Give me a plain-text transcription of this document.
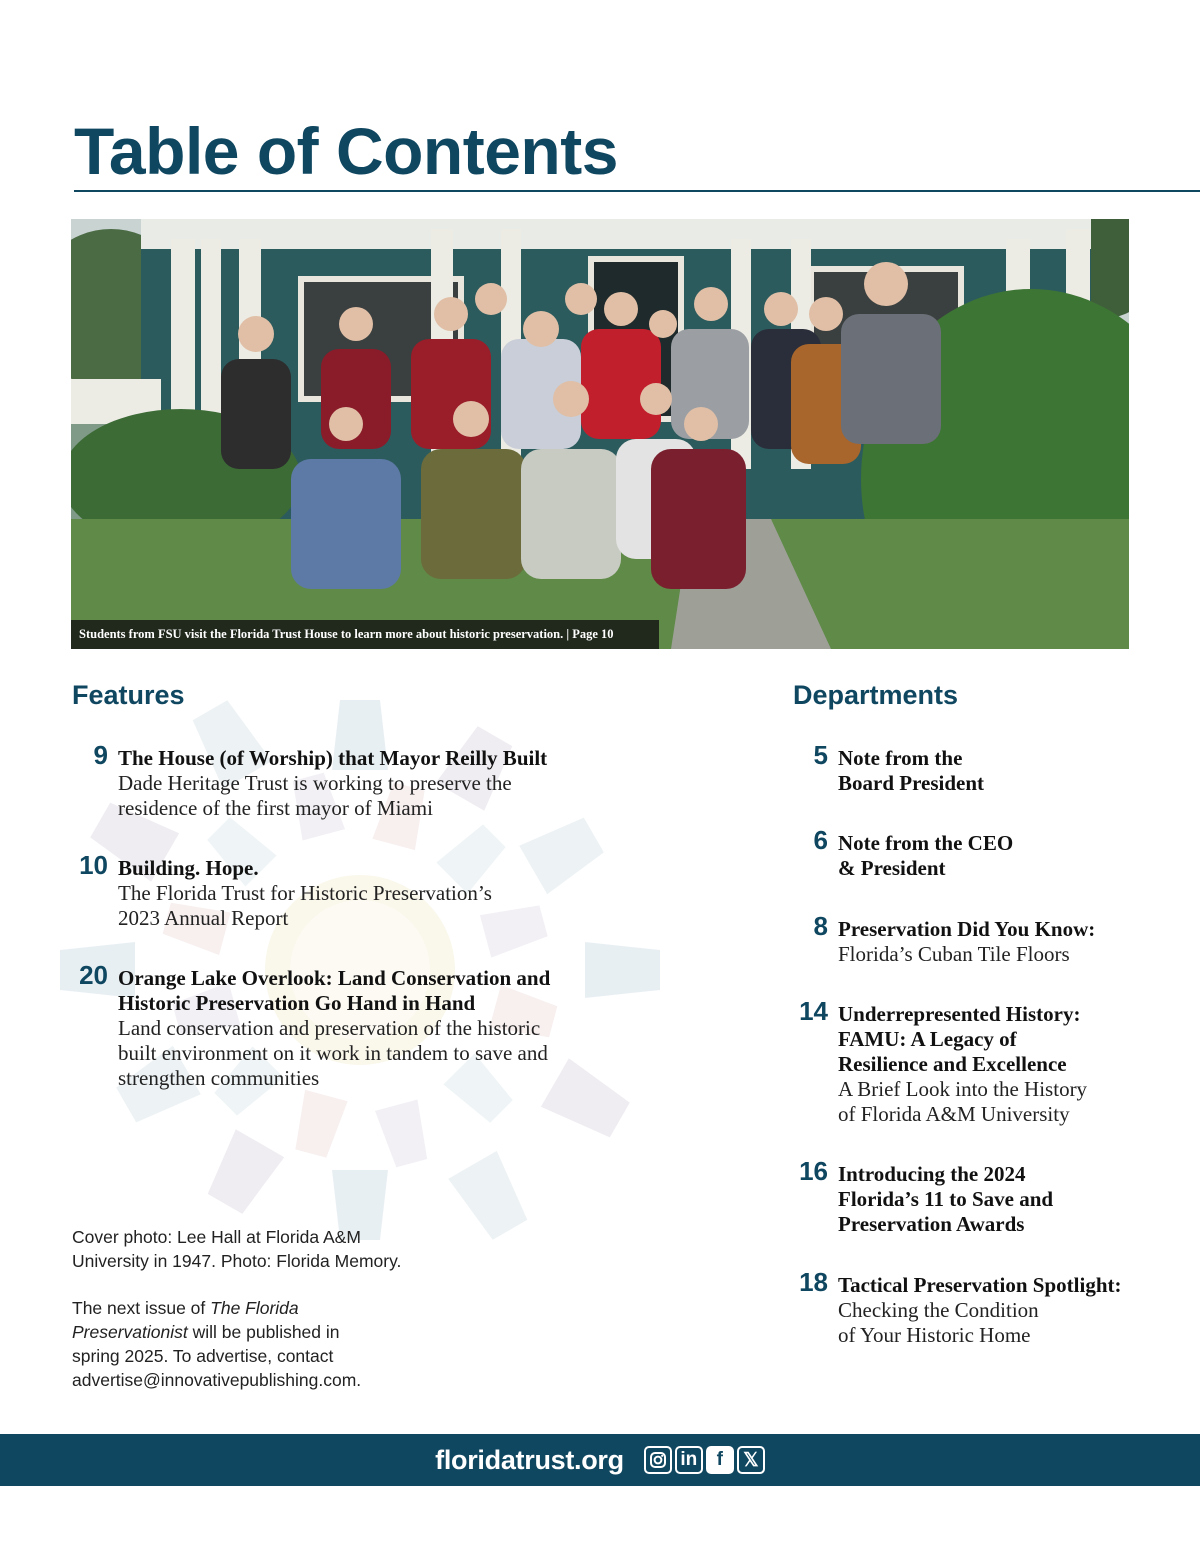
Table of Contents
Students from FSU visit the Florida Trust House to learn more about historic preservation. | Page 10
Features
9 The House (of Worship) that Mayor Reilly Built
Dade Heritage Trust is working to preserve the
residence of the first mayor of Miami
10 Building. Hope.
The Florida Trust for Historic Preservation’s
2023 Annual Report
20 Orange Lake Overlook: Land Conservation and
Historic Preservation Go Hand in Hand
Land conservation and preservation of the historic
built environment on it work in tandem to save and
strengthen communities
Cover photo: Lee Hall at Florida A&M
University in 1947. Photo: Florida Memory.
The next issue of The Florida
Preservationist will be published in
spring 2025. To advertise, contact
advertise@innovativepublishing.com.
Departments
5 Note from the
Board President
6 Note from the CEO
& President
8 Preservation Did You Know:
Florida’s Cuban Tile Floors
14 Underrepresented History:
FAMU: A Legacy of
Resilience and Excellence
A Brief Look into the History
of Florida A&M University
16 Introducing the 2024
Florida’s 11 to Save and
Preservation Awards
18 Tactical Preservation Spotlight:
Checking the Condition
of Your Historic Home
floridatrust.org	in	f	𝕏
